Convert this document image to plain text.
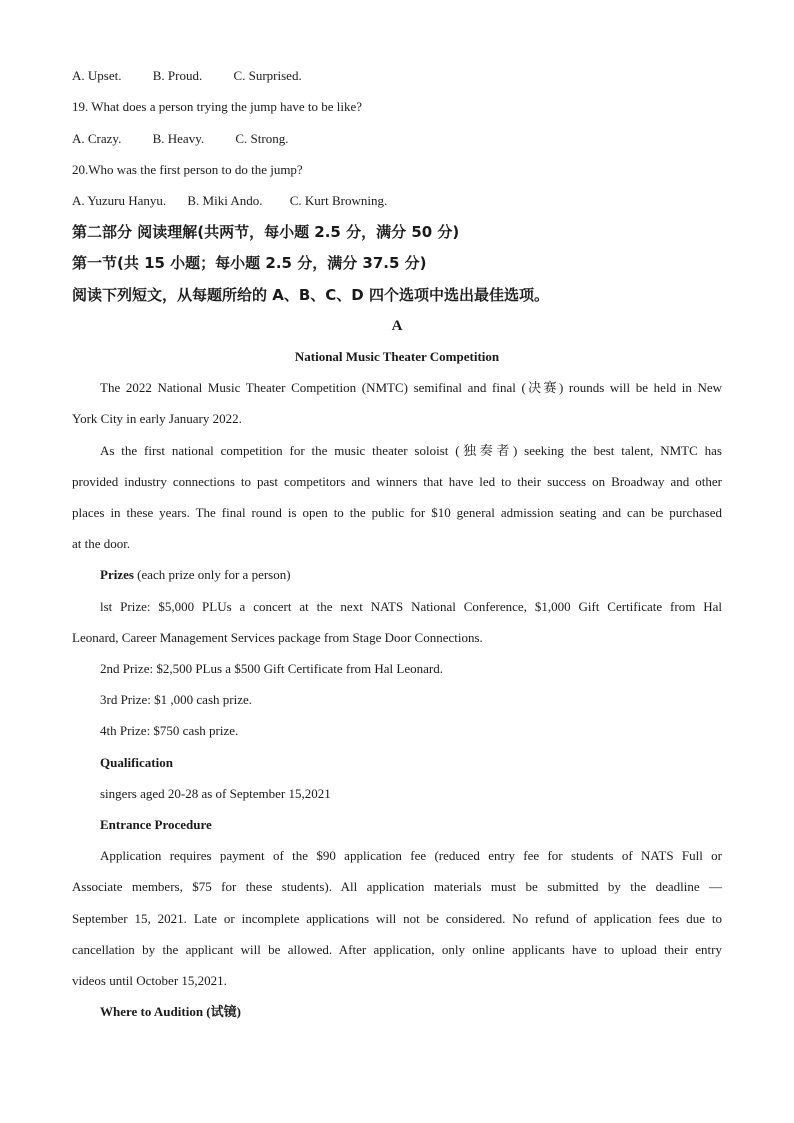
A. Upset. B. Proud. C. Surprised.
19. What does a person trying the jump have to be like?
A. Crazy. B. Heavy. C. Strong.
20.Who was the first person to do the jump?
A. Yuzuru Hanyu. B. Miki Ando. C. Kurt Browning.
第二部分 阅读理解(共两节，每小题 2.5 分，满分 50 分)
第一节(共 15 小题；每小题 2.5 分，满分 37.5 分)
阅读下列短文，从每题所给的 A、B、C、D 四个选项中选出最佳选项。
A
National Music Theater Competition
The 2022 National Music Theater Competition (NMTC) semifinal and final (决赛) rounds will be held in New
York City in early January 2022.
As the first national competition for the music theater soloist (独奏者) seeking the best talent, NMTC has
provided industry connections to past competitors and winners that have led to their success on Broadway and other
places in these years. The final round is open to the public for $10 general admission seating and can be purchased
at the door.
Prizes (each prize only for a person)
lst Prize: $5,000 PLUs a concert at the next NATS National Conference, $1,000 Gift Certificate from Hal
Leonard, Career Management Services package from Stage Door Connections.
2nd Prize: $2,500 PLus a $500 Gift Certificate from Hal Leonard.
3rd Prize: $1 ,000 cash prize.
4th Prize: $750 cash prize.
Qualification
singers aged 20-28 as of September 15,2021
Entrance Procedure
Application requires payment of the $90 application fee (reduced entry fee for students of NATS Full or
Associate members, $75 for these students). All application materials must be submitted by the deadline —
September 15, 2021. Late or incomplete applications will not be considered. No refund of application fees due to
cancellation by the applicant will be allowed. After application, only online applicants have to upload their entry
videos until October 15,2021.
Where to Audition (试镜)
